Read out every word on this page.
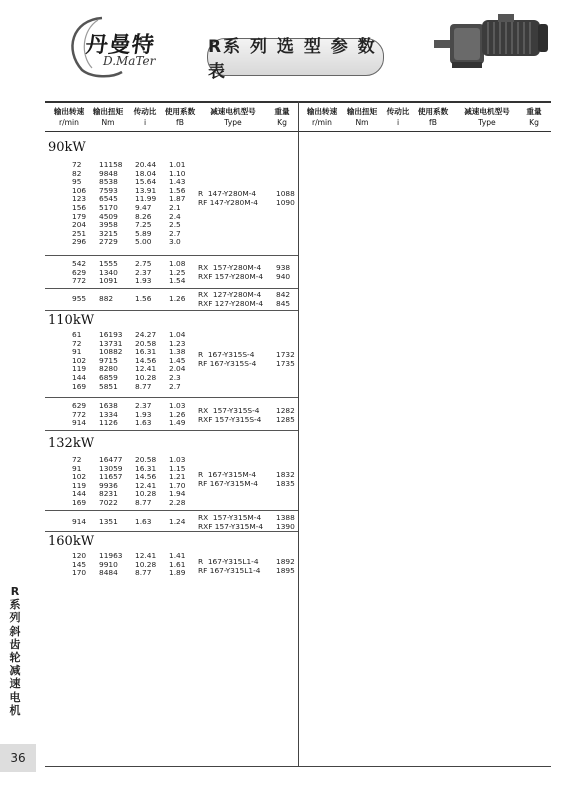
丹曼特
D.MaTer
R系 列 选 型 参 数 表
输出转速
r/min
输出扭矩
Nm
传动比
i
使用系数
fB
减速电机型号
Type
重量
Kg
输出转速
r/min
输出扭矩
Nm
传动比
i
使用系数
fB
减速电机型号
Type
重量
Kg
90kW
72
82
95
106
123
156
179
204
251
296
11158
9848
8538
7593
6545
5170
4509
3958
3215
2729
20.44
18.04
15.64
13.91
11.99
9.47
8.26
7.25
5.89
5.00
1.01
1.10
1.43
1.56
1.87
2.1
2.4
2.5
2.7
3.0
R  147-Y280M-4
RF 147-Y280M-4
1088
1090
542
629
772
1555
1340
1091
2.75
2.37
1.93
1.08
1.25
1.54
RX  157-Y280M-4
RXF 157-Y280M-4
938
940
955 882	1.56 1.26 RX  127-Y280M-4
RXF 127-Y280M-4
842
845
110kW
61
72
91
102
119
144
169
16193
13731
10882
9715
8280
6859
5851
24.27
20.58
16.31
14.56
12.41
10.28
8.77
1.04
1.23
1.38
1.45
2.04
2.3
2.7
R  167-Y315S-4
RF 167-Y315S-4
1732
1735
629
772
914
1638
1334
1126
2.37
1.93
1.63
1.03
1.26
1.49
RX  157-Y315S-4
RXF 157-Y315S-4
1282
1285
132kW
72
91
102
119
144
169
16477
13059
11657
9936
8231
7022
20.58
16.31
14.56
12.41
10.28
8.77
1.03
1.15
1.21
1.70
1.94
2.28
R  167-Y315M-4
RF 167-Y315M-4
1832
1835
914 1351 1.63 1.24 RX  157-Y315M-4
RXF 157-Y315M-4
1388
1390
160kW
120
145
170
11963
9910
8484
12.41
10.28
8.77
1.41
1.61
1.89
R  167-Y315L1-4
RF 167-Y315L1-4
1892
1895
R系列斜齿轮减速电机
36
